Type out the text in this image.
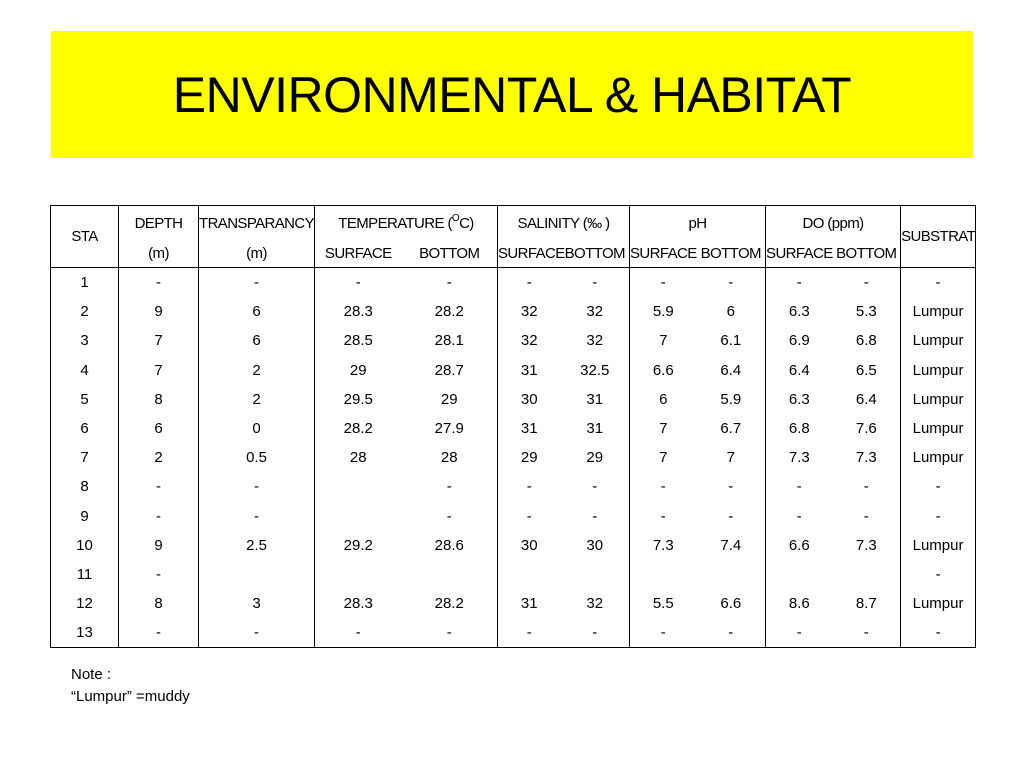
ENVIRONMENTAL & HABITAT
STA	DEPTH	TRANSPARANCY	TEMPERATURE ($^O$C)		SALINITY (‰ )		pH		DO (ppm)		SUBSTRAT
	(m)	(m)	SURFACE	BOTTOM	SURFACE	BOTTOM	SURFACE	BOTTOM	SURFACE	BOTTOM	
1	-	-	-	-	-	-	-	-	-	-	-
2	9	6	28.3	28.2	32	32	5.9	6	6.3	5.3	Lumpur
3	7	6	28.5	28.1	32	32	7	6.1	6.9	6.8	Lumpur
4	7	2	29	28.7	31	32.5	6.6	6.4	6.4	6.5	Lumpur
5	8	2	29.5	29	30	31	6	5.9	6.3	6.4	Lumpur
6	6	0	28.2	27.9	31	31	7	6.7	6.8	7.6	Lumpur
7	2	0.5	28	28	29	29	7	7	7.3	7.3	Lumpur
8	-	-		-	-	-	-	-	-	-	-
9	-	-		-	-	-	-	-	-	-	-
10	9	2.5	29.2	28.6	30	30	7.3	7.4	6.6	7.3	Lumpur
11	-										-
12	8	3	28.3	28.2	31	32	5.5	6.6	8.6	8.7	Lumpur
13	-	-	-	-	-	-	-	-	-	-	-
Note :
“Lumpur” =muddy
